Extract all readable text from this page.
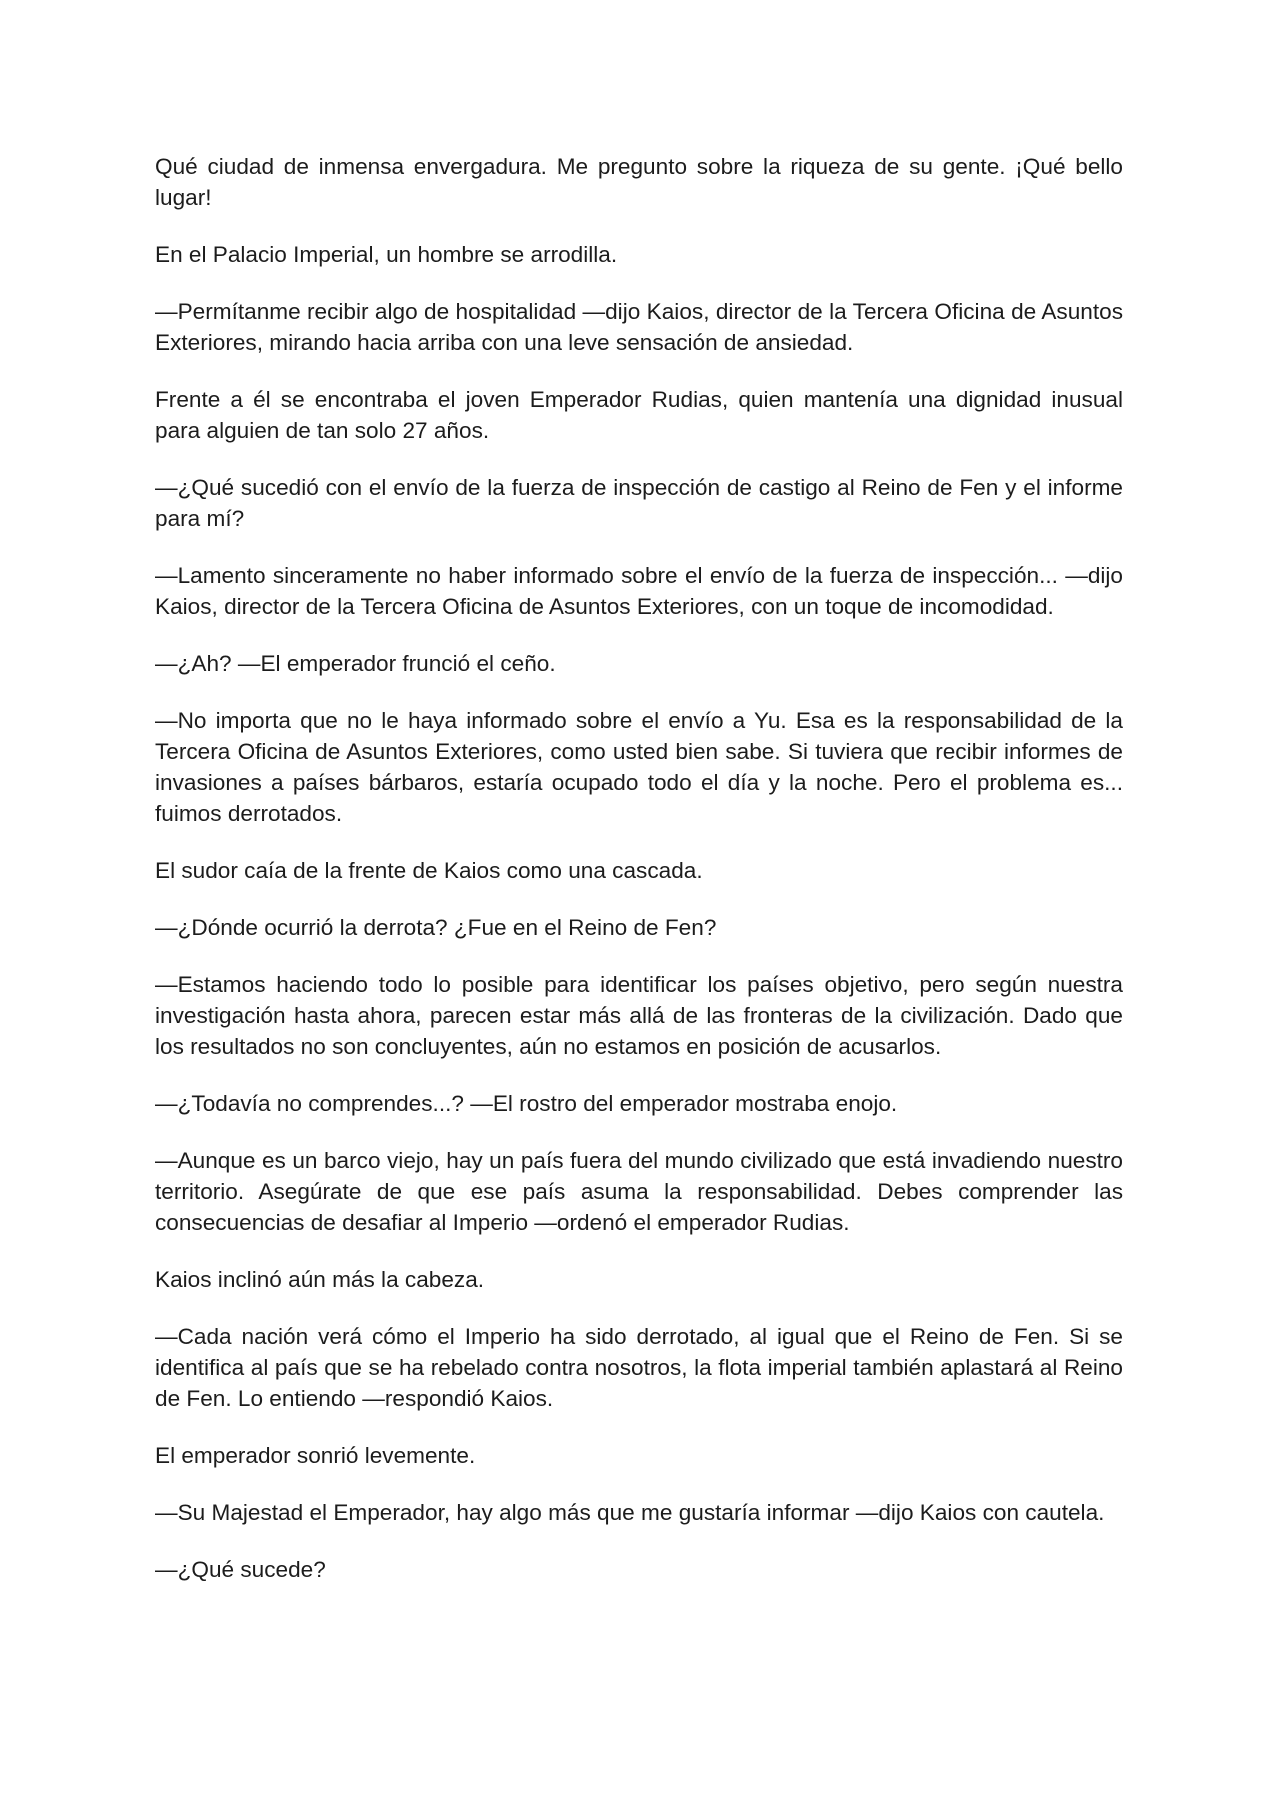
Qué ciudad de inmensa envergadura. Me pregunto sobre la riqueza de su gente. ¡Qué bello lugar!

En el Palacio Imperial, un hombre se arrodilla.

—Permítanme recibir algo de hospitalidad —dijo Kaios, director de la Tercera Oficina de Asuntos Exteriores, mirando hacia arriba con una leve sensación de ansiedad.

Frente a él se encontraba el joven Emperador Rudias, quien mantenía una dignidad inusual para alguien de tan solo 27 años.

—¿Qué sucedió con el envío de la fuerza de inspección de castigo al Reino de Fen y el informe para mí?

—Lamento sinceramente no haber informado sobre el envío de la fuerza de inspección... —dijo Kaios, director de la Tercera Oficina de Asuntos Exteriores, con un toque de incomodidad.

—¿Ah? —El emperador frunció el ceño.

—No importa que no le haya informado sobre el envío a Yu. Esa es la responsabilidad de la Tercera Oficina de Asuntos Exteriores, como usted bien sabe. Si tuviera que recibir informes de invasiones a países bárbaros, estaría ocupado todo el día y la noche. Pero el problema es... fuimos derrotados.

El sudor caía de la frente de Kaios como una cascada.

—¿Dónde ocurrió la derrota? ¿Fue en el Reino de Fen?

—Estamos haciendo todo lo posible para identificar los países objetivo, pero según nuestra investigación hasta ahora, parecen estar más allá de las fronteras de la civilización. Dado que los resultados no son concluyentes, aún no estamos en posición de acusarlos.

—¿Todavía no comprendes...? —El rostro del emperador mostraba enojo.

—Aunque es un barco viejo, hay un país fuera del mundo civilizado que está invadiendo nuestro territorio. Asegúrate de que ese país asuma la responsabilidad. Debes comprender las consecuencias de desafiar al Imperio —ordenó el emperador Rudias.

Kaios inclinó aún más la cabeza.

—Cada nación verá cómo el Imperio ha sido derrotado, al igual que el Reino de Fen. Si se identifica al país que se ha rebelado contra nosotros, la flota imperial también aplastará al Reino de Fen. Lo entiendo —respondió Kaios.

El emperador sonrió levemente.

—Su Majestad el Emperador, hay algo más que me gustaría informar —dijo Kaios con cautela.

—¿Qué sucede?
